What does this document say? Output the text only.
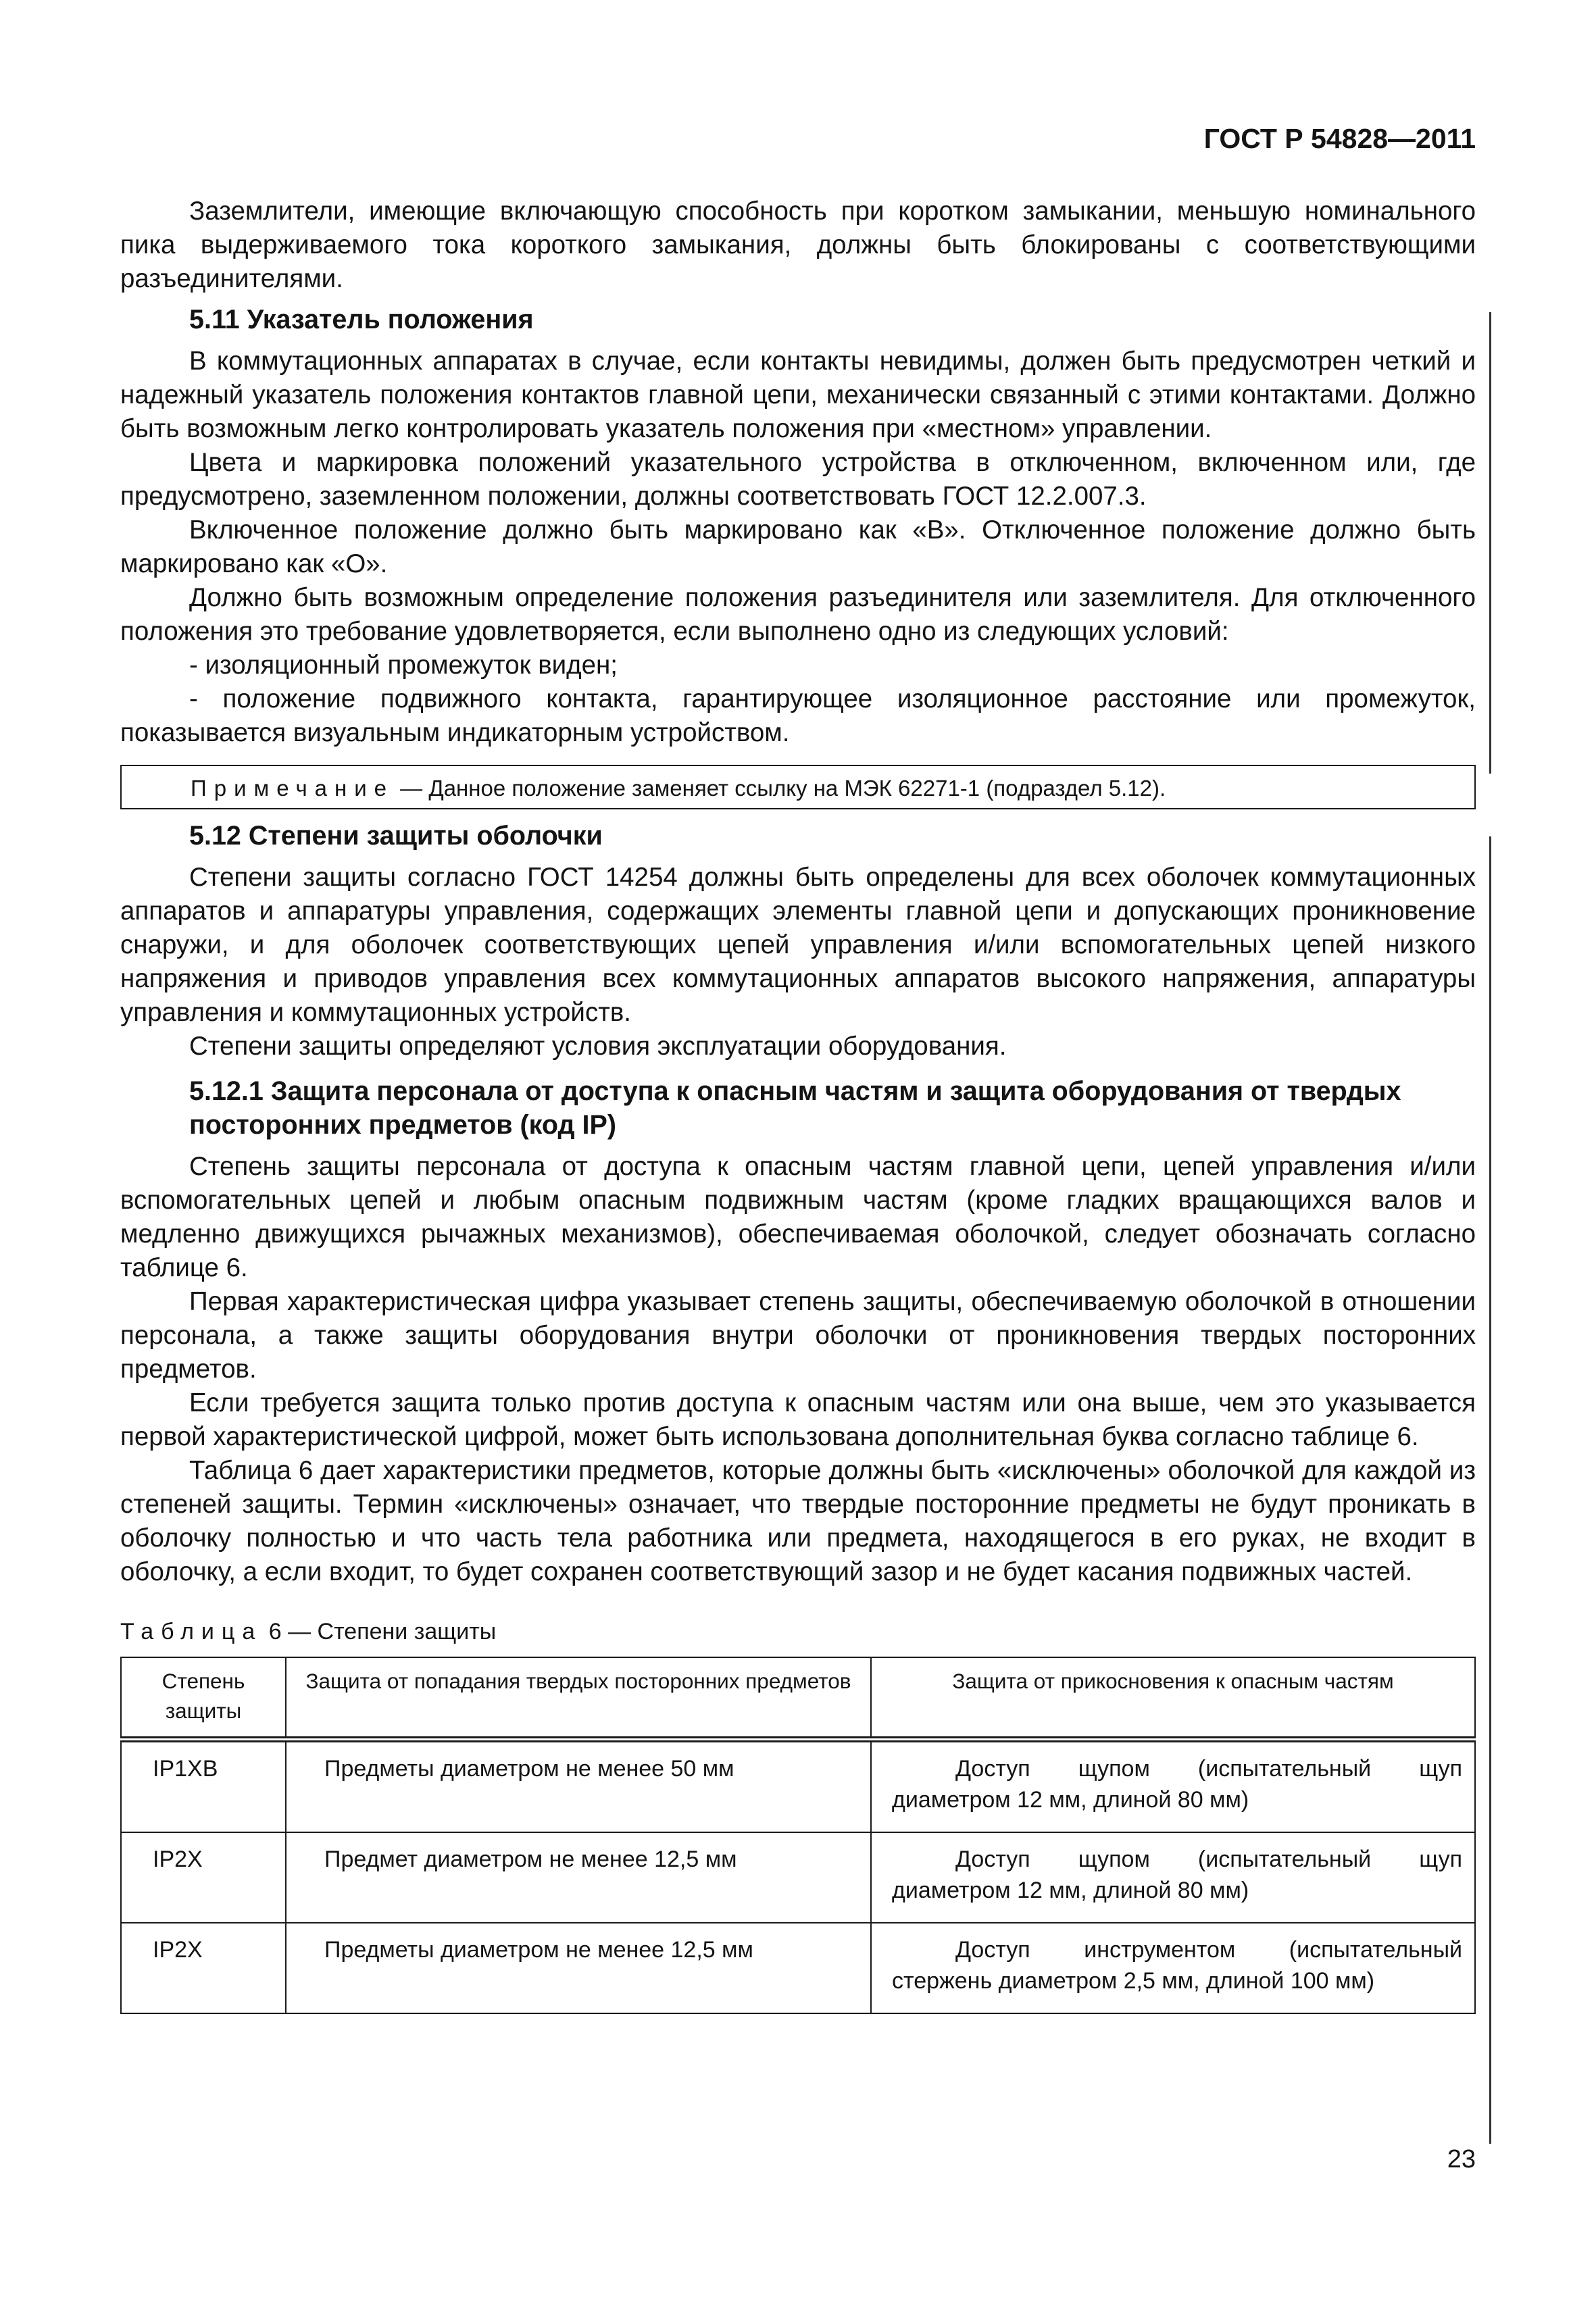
ГОСТ Р 54828—2011

Заземлители, имеющие включающую способность при коротком замыкании, меньшую номинального пика выдерживаемого тока короткого замыкания, должны быть блокированы с соответствующими разъединителями.

5.11 Указатель положения

В коммутационных аппаратах в случае, если контакты невидимы, должен быть предусмотрен четкий и надежный указатель положения контактов главной цепи, механически связанный с этими контактами. Должно быть возможным легко контролировать указатель положения при «местном» управлении.

Цвета и маркировка положений указательного устройства в отключенном, включенном или, где предусмотрено, заземленном положении, должны соответствовать ГОСТ 12.2.007.3.

Включенное положение должно быть маркировано как «В». Отключенное положение должно быть маркировано как «О».

Должно быть возможным определение положения разъединителя или заземлителя. Для отключенного положения это требование удовлетворяется, если выполнено одно из следующих условий:

- изоляционный промежуток виден;

- положение подвижного контакта, гарантирующее изоляционное расстояние или промежуток, показывается визуальным индикаторным устройством.

Примечание — Данное положение заменяет ссылку на МЭК 62271-1 (подраздел 5.12).
5.12 Степени защиты оболочки

Степени защиты согласно ГОСТ 14254 должны быть определены для всех оболочек коммутационных аппаратов и аппаратуры управления, содержащих элементы главной цепи и допускающих проникновение снаружи, и для оболочек соответствующих цепей управления и/или вспомогательных цепей низкого напряжения и приводов управления всех коммутационных аппаратов высокого напряжения, аппаратуры управления и коммутационных устройств.

Степени защиты определяют условия эксплуатации оборудования.

5.12.1 Защита персонала от доступа к опасным частям и защита оборудования от твердых посторонних предметов (код IP)

Степень защиты персонала от доступа к опасным частям главной цепи, цепей управления и/или вспомогательных цепей и любым опасным подвижным частям (кроме гладких вращающихся валов и медленно движущихся рычажных механизмов), обеспечиваемая оболочкой, следует обозначать согласно таблице 6.

Первая характеристическая цифра указывает степень защиты, обеспечиваемую оболочкой в отношении персонала, а также защиты оборудования внутри оболочки от проникновения твердых посторонних предметов.

Если требуется защита только против доступа к опасным частям или она выше, чем это указывается первой характеристической цифрой, может быть использована дополнительная буква согласно таблице 6.

Таблица 6 дает характеристики предметов, которые должны быть «исключены» оболочкой для каждой из степеней защиты. Термин «исключены» означает, что твердые посторонние предметы не будут проникать в оболочку полностью и что часть тела работника или предмета, находящегося в его руках, не входит в оболочку, а если входит, то будет сохранен соответствующий зазор и не будет касания подвижных частей.

Таблица 6 — Степени защиты
Степень защиты	Защита от попадания твердых посторонних предметов	Защита от прикосновения к опасным частям
IP1XB	Предметы диаметром не менее 50 мм	Доступ щупом (испытательный щуп диаметром 12 мм, длиной 80 мм)
IP2X	Предмет диаметром не менее 12,5 мм	Доступ щупом (испытательный щуп диаметром 12 мм, длиной 80 мм)
IP2X	Предметы диаметром не менее 12,5 мм	Доступ инструментом (испытательный стержень диаметром 2,5 мм, длиной 100 мм)
23
